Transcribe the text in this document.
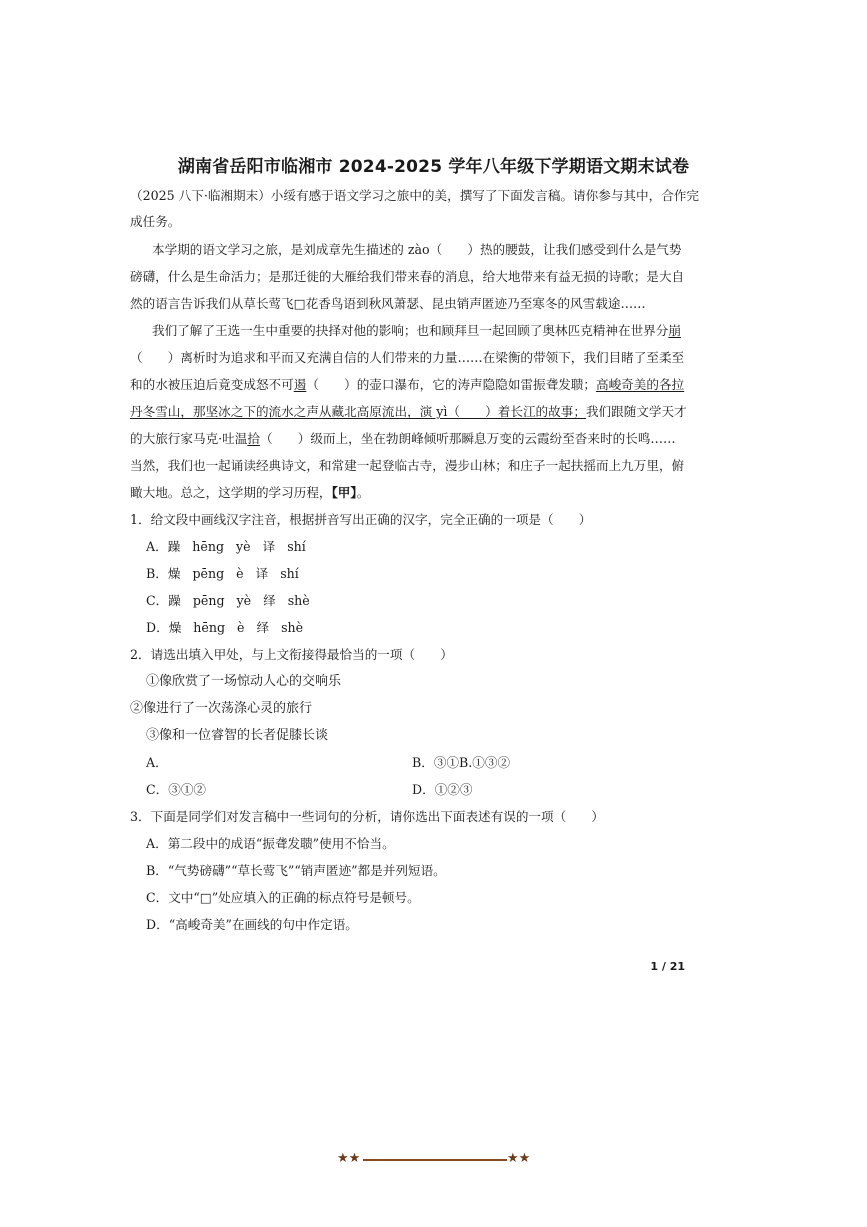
湖南省岳阳市临湘市 2024-2025 学年八年级下学期语文期末试卷
（2025 八下·临湘期末）小绥有感于语文学习之旅中的美，撰写了下面发言稿。请你参与其中，合作完
成任务。
本学期的语文学习之旅，是刘成章先生描述的 zào（　　）热的腰鼓，让我们感受到什么是气势
磅礴，什么是生命活力；是那迁徙的大雁给我们带来春的消息，给大地带来有益无损的诗歌；是大自
然的语言告诉我们从草长莺飞□花香鸟语到秋风萧瑟、昆虫销声匿迹乃至寒冬的风雪载途……
我们了解了王选一生中重要的抉择对他的影响；也和顾拜旦一起回顾了奥林匹克精神在世界分崩
（　　）离析时为追求和平而又充满自信的人们带来的力量……在梁衡的带领下，我们目睹了至柔至
和的水被压迫后竟变成怒不可遏（　　）的壶口瀑布，它的涛声隐隐如雷振聋发聩；高峻奇美的各拉
丹冬雪山，那坚冰之下的流水之声从藏北高原流出，演 yì（　　）着长江的故事；我们跟随文学天才
的大旅行家马克·吐温拾（　　）级而上，坐在勃朗峰倾听那瞬息万变的云霞纷至沓来时的长鸣……
当然，我们也一起诵读经典诗文，和常建一起登临古寺，漫步山林；和庄子一起扶摇而上九万里，俯
瞰大地。总之，这学期的学习历程，【甲】。
1．给文段中画线汉字注音，根据拼音写出正确的汉字，完全正确的一项是（　　）
A．躁 hēng yè 译 shí
B．燥 pēng è 译 shí
C．躁 pēng yè 绎 shè
D．燥 hēng è 绎 shè
2．请选出填入甲处，与上文衔接得最恰当的一项（　　）
①像欣赏了一场惊动人心的交响乐
②像进行了一次荡涤心灵的旅行
③像和一位睿智的长者促膝长谈
A．	B．③①B.①③②
C．③①②	D．①②③
3．下面是同学们对发言稿中一些词句的分析，请你选出下面表述有误的一项（　　）
A．第二段中的成语“振聋发聩”使用不恰当。
B．“气势磅礴”“草长莺飞”“销声匿迹”都是并列短语。
C．文中“□”处应填入的正确的标点符号是顿号。
D．“高峻奇美”在画线的句中作定语。
1 / 21
★★	★★
